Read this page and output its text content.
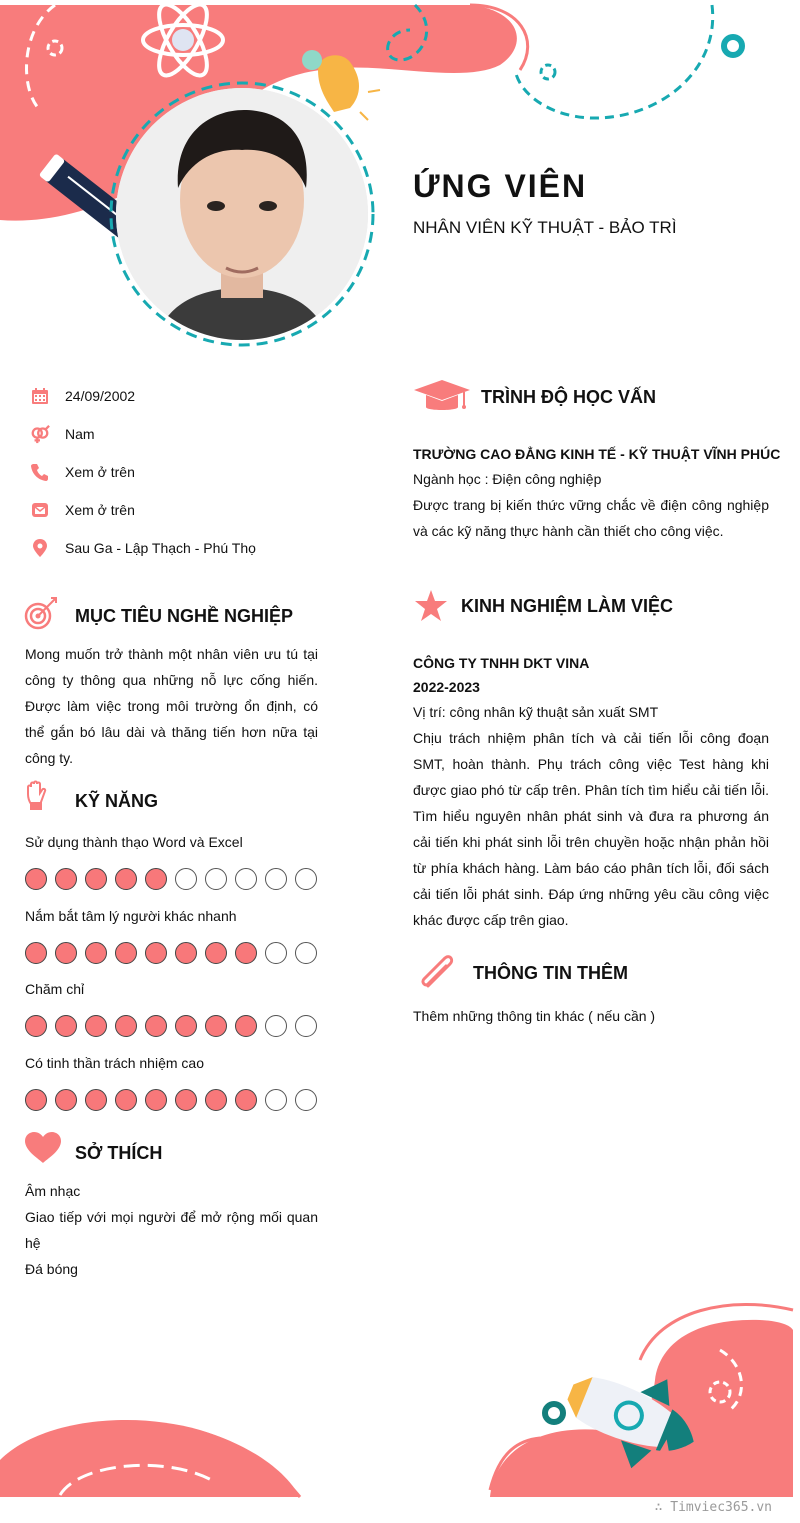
ỨNG VIÊN
NHÂN VIÊN KỸ THUẬT - BẢO TRÌ
24/09/2002
Nam
Xem ở trên
Xem ở trên
Sau Ga - Lập Thạch - Phú Thọ
MỤC TIÊU NGHỀ NGHIỆP
Mong muốn trở thành một nhân viên ưu tú tại công ty thông qua những nỗ lực cống hiến. Được làm việc trong môi trường ổn định, có thể gắn bó lâu dài và thăng tiến hơn nữa tại công ty.
KỸ NĂNG
Sử dụng thành thạo Word và Excel
Nắm bắt tâm lý người khác nhanh
Chăm chỉ
Có tinh thần trách nhiệm cao
SỞ THÍCH
Âm nhạc
Giao tiếp với mọi người để mở rộng mối quan hệ
Đá bóng
TRÌNH ĐỘ HỌC VẤN
TRƯỜNG CAO ĐẲNG KINH TẾ - KỸ THUẬT VĨNH PHÚC
Ngành học : Điện công nghiệp
Được trang bị kiến thức vững chắc về điện công nghiệp và các kỹ năng thực hành cần thiết cho công việc.
KINH NGHIỆM LÀM VIỆC
CÔNG TY TNHH DKT VINA
2022-2023
Vị trí: công nhân kỹ thuật sản xuất SMT
Chịu trách nhiệm phân tích và cải tiến lỗi công đoạn SMT, hoàn thành. Phụ trách công việc Test hàng khi được giao phó từ cấp trên. Phân tích tìm hiểu cải tiến lỗi. Tìm hiểu nguyên nhân phát sinh và đưa ra phương án cải tiến khi phát sinh lỗi trên chuyền hoặc nhận phản hồi từ phía khách hàng. Làm báo cáo phân tích lỗi, đối sách cải tiến lỗi phát sinh. Đáp ứng những yêu cầu công việc khác được cấp trên giao.
THÔNG TIN THÊM
Thêm những thông tin khác ( nếu cần )
∴ Timviec365.vn
